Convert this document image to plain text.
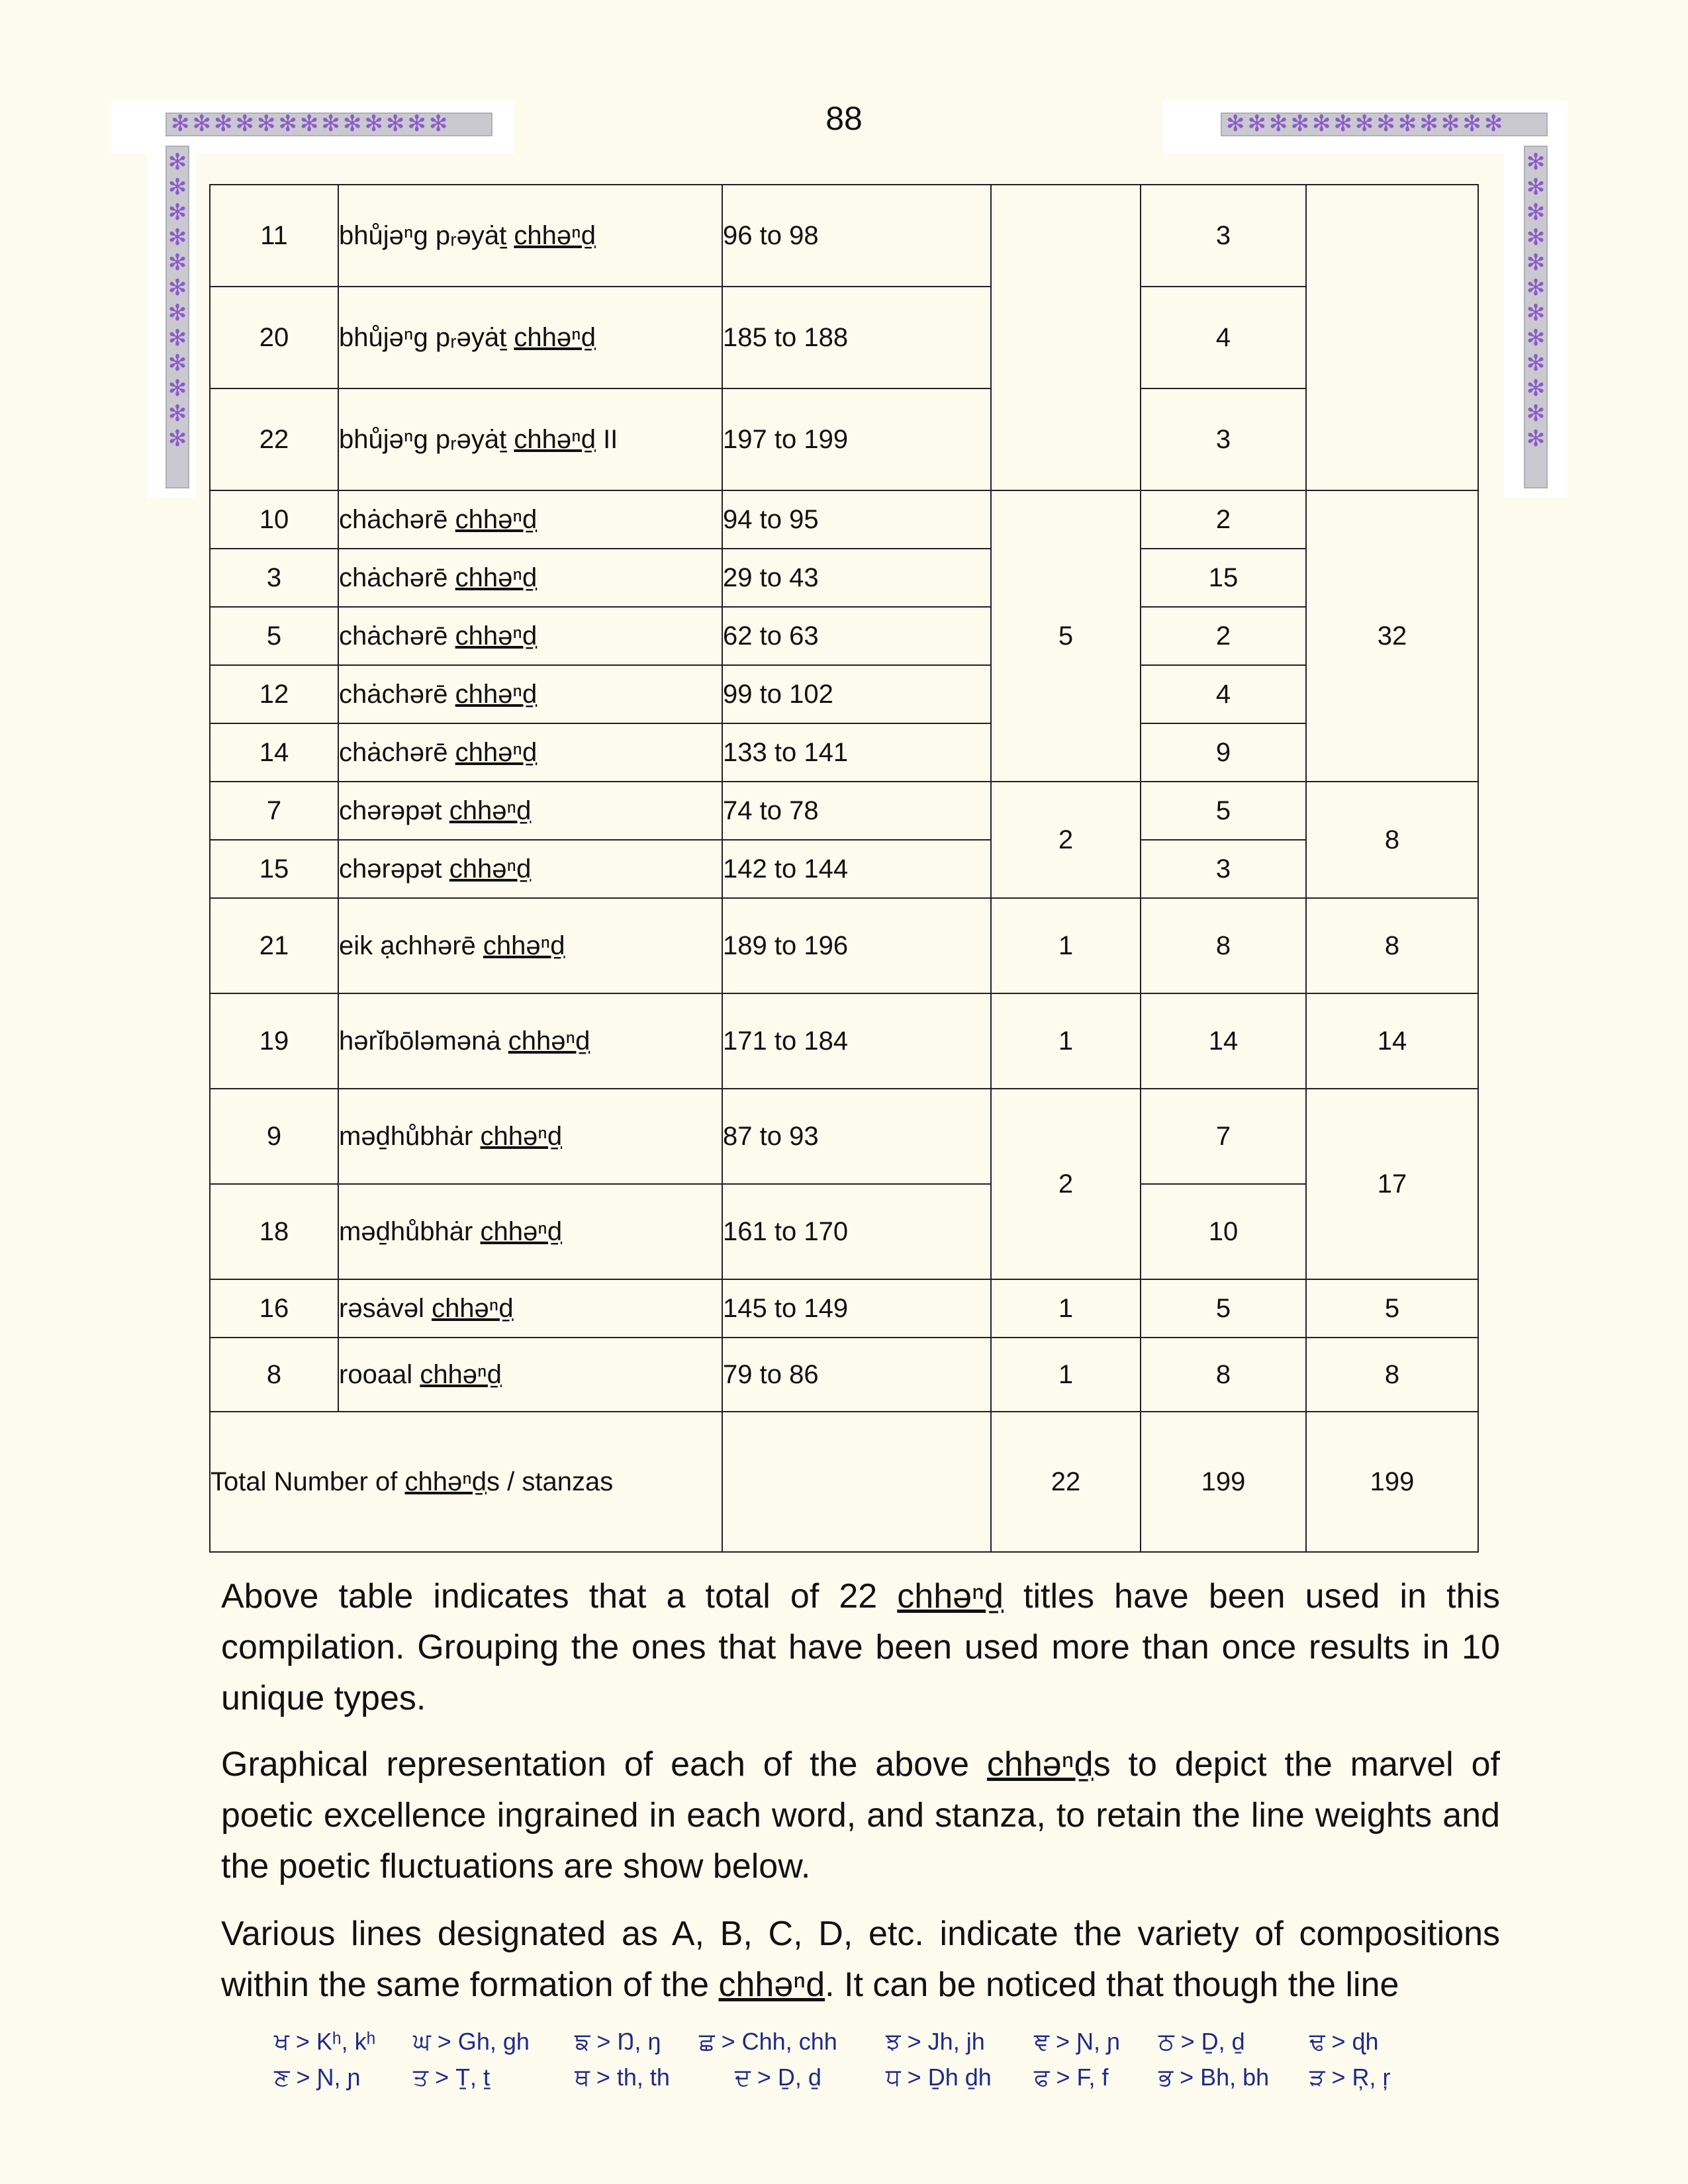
✻✻✻✻✻✻✻✻✻✻✻✻✻
✻✻✻✻✻✻✻✻✻✻✻✻
✻✻✻✻✻✻✻✻✻✻✻✻✻
✻✻✻✻✻✻✻✻✻✻✻✻
88
11	bhůjəⁿg pᵣəyȧṯ chhəⁿḏ	96 to 98		3	
20	bhůjəⁿg pᵣəyȧṯ chhəⁿḏ	185 to 188		4	
22	bhůjəⁿg pᵣəyȧṯ chhəⁿḏ II	197 to 199		3	
10	chȧchərē chhəⁿḏ	94 to 95	5	2	32
3	chȧchərē chhəⁿḏ	29 to 43		15	
5	chȧchərē chhəⁿḏ	62 to 63		2	
12	chȧchərē chhəⁿḏ	99 to 102		4	
14	chȧchərē chhəⁿḏ	133 to 141		9	
7	chərəpət chhəⁿḏ	74 to 78	2	5	8
15	chərəpət chhəⁿḏ	142 to 144		3	
21	eik ạchhərē chhəⁿḏ	189 to 196	1	8	8
19	hərĭbōləmənȧ chhəⁿḏ	171 to 184	1	14	14
9	məḏhůbhȧr chhəⁿḏ	87 to 93	2	7	17
18	məḏhůbhȧr chhəⁿḏ	161 to 170		10	
16	rəsȧvəl chhəⁿḏ	145 to 149	1	5	5
8	rooaal chhəⁿḏ	79 to 86	1	8	8
Total Number of chhəⁿḏs / stanzas			22	199	199

Above table indicates that a total of 22 chhəⁿḏ titles have been used in this compilation. Grouping the ones that have been used more than once results in 10 unique types.

Graphical representation of each of the above chhəⁿḏs to depict the marvel of poetic excellence ingrained in each word, and stanza, to retain the line weights and the poetic fluctuations are show below.

Various lines designated as A, B, C, D, etc. indicate the variety of compositions within the same formation of the chhəⁿd. It can be noticed that though the line

ਖ > Kʰ, kʰ ਘ > Gh, gh ਙ > Ŋ, ŋ ਛ > Chh, chh ਝ > Jh, jh ਞ > Ɲ, ɲ ਠ > Ḏ, ḏ	ਢ > ɖh
ਣ > Ɲ, ɲ ਤ > Ṯ, ṯ	ਥ > th, th	ਦ > Ḏ, ḏ	ਧ > Ḏh ḏh ਫ > F, f ਭ > Bh, bh ੜ > Ŗ, ŗ
